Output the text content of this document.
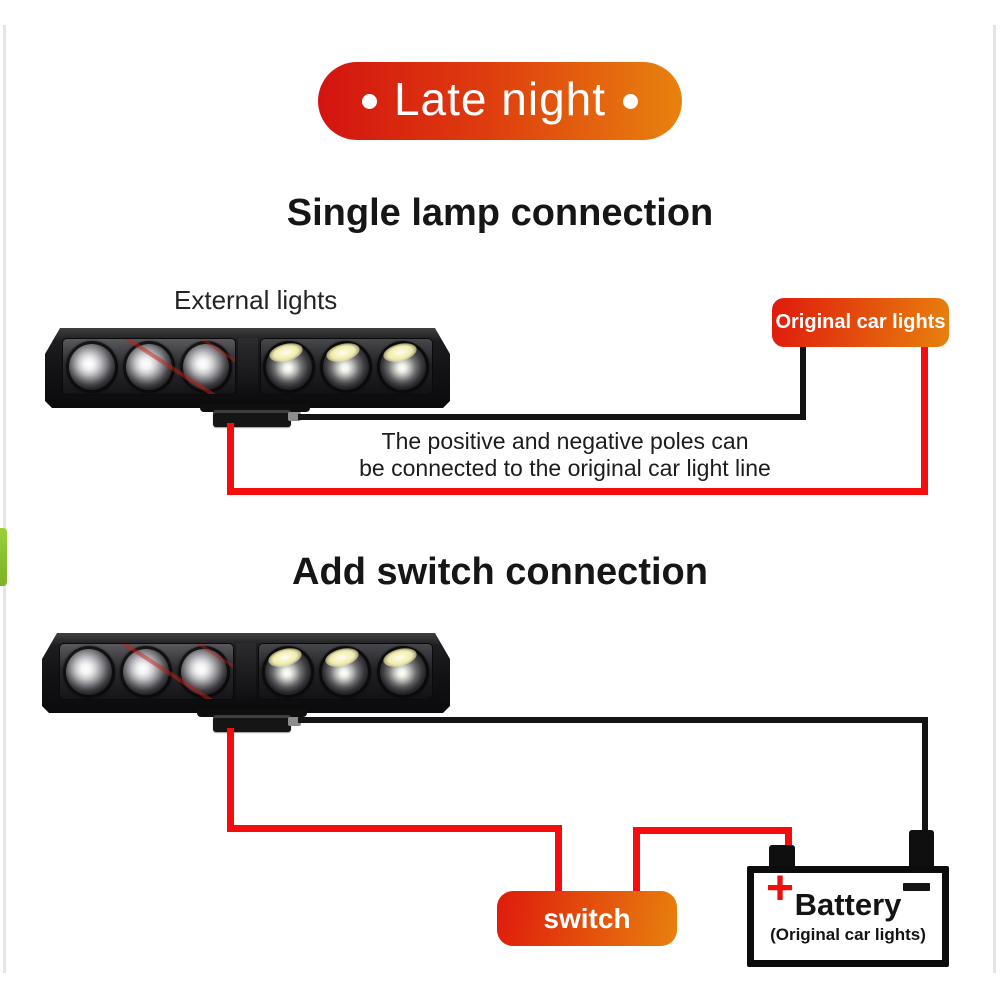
Late night
Single lamp connection
External lights
Original car lights
The positive and negative poles can
be connected to the original car light line
Add switch connection
switch
+ Battery
(Original car lights)
